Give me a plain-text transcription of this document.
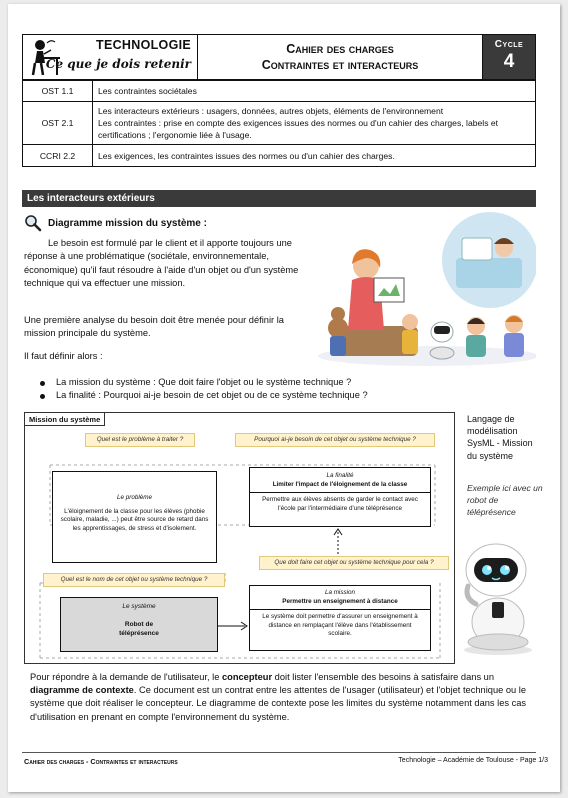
TECHNOLOGIE
Ce que je dois retenir
Cahier des charges
Contraintes et interacteurs
Cycle
4
OST 1.1	Les contraintes sociétales
OST 2.1	Les interacteurs extérieurs : usagers, données, autres objets, éléments de l'environnement
Les contraintes : prise en compte des exigences issues des normes ou d'un cahier des charges, labels et certifications ; l'ergonomie liée à l'usage.

CCRI 2.2	Les exigences, les contraintes issues des normes ou d'un cahier des charges.
Les interacteurs extérieurs
Diagramme mission du système :

Le besoin est formulé par le client et il apporte toujours une réponse à une problématique (sociétale, environnementale, économique) qu'il faut résoudre à l'aide d'un objet ou d'un système technique qui va effectuer une mission.

Une première analyse du besoin doit être menée pour définir la mission principale du système.

Il faut définir alors :

La mission du système : Que doit faire l'objet ou le système technique ?
La finalité : Pourquoi ai-je besoin de cet objet ou de ce système technique ?
Mission du système
Quel est le problème à traiter ?	Pourquoi ai-je besoin de cet objet ou système technique ?
Le problème
L'éloignement de la classe pour les élèves (phobie scolaire, maladie, ...) peut être source de retard dans les apprentissages, de stress et d'isolement.
La finalité
Limiter l'impact de l'éloignement de la classe
Permettre aux élèves absents de garder le contact avec l'école par l'intermédiaire d'une téléprésence
Que doit faire cet objet ou système technique pour cela ?
Quel est le nom de cet objet ou système technique ?
Le système
Robot de téléprésence
La mission
Permettre un enseignement à distance
Le système doit permettre d'assurer un enseignement à distance en remplaçant l'élève dans l'établissement scolaire.
Langage de modélisation SysML - Mission du système
Exemple ici avec un robot de téléprésence

Pour répondre à la demande de l'utilisateur, le concepteur doit lister l'ensemble des besoins à satisfaire dans un diagramme de contexte. Ce document est un contrat entre les attentes de l'usager (utilisateur) et l'objet technique ou le système que doit réaliser le concepteur. Le diagramme de contexte pose les limites du système notamment dans les cas d'utilisation en prenant en compte l'environnement du système.

Cahier des charges - Contraintes et interacteurs	Technologie – Académie de Toulouse - Page 1/3
